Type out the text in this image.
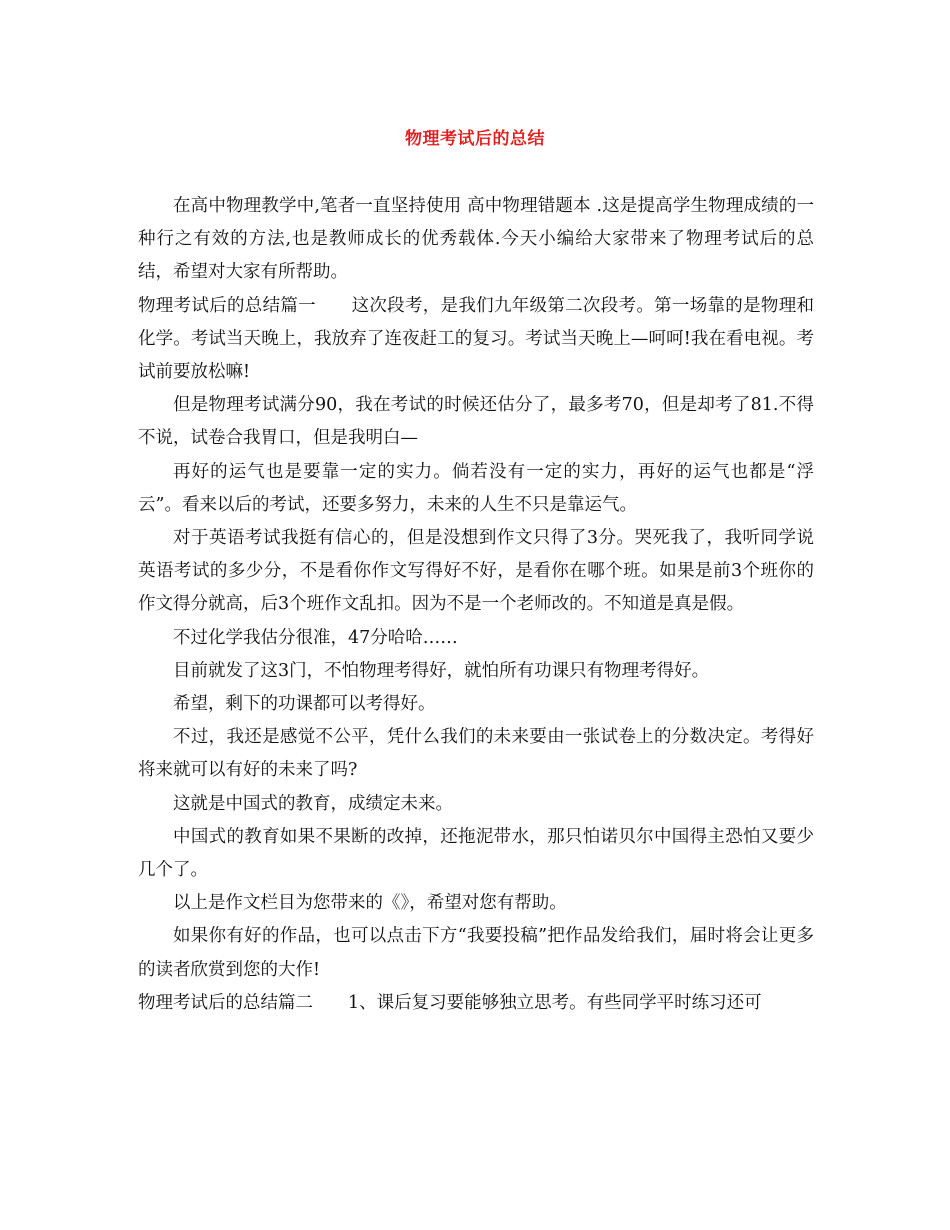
物理考试后的总结

在高中物理教学中,笔者一直坚持使用 高中物理错题本 .这是提高学生物理成绩的一种行之有效的方法,也是教师成长的优秀载体.今天小编给大家带来了物理考试后的总结，希望对大家有所帮助。

物理考试后的总结篇一　　这次段考，是我们九年级第二次段考。第一场靠的是物理和化学。考试当天晚上，我放弃了连夜赶工的复习。考试当天晚上—呵呵!我在看电视。考试前要放松嘛!

但是物理考试满分90，我在考试的时候还估分了，最多考70，但是却考了81.不得不说，试卷合我胃口，但是我明白—

再好的运气也是要靠一定的实力。倘若没有一定的实力，再好的运气也都是“浮云”。看来以后的考试，还要多努力，未来的人生不只是靠运气。

对于英语考试我挺有信心的，但是没想到作文只得了3分。哭死我了，我听同学说英语考试的多少分，不是看你作文写得好不好，是看你在哪个班。如果是前3个班你的作文得分就高，后3个班作文乱扣。因为不是一个老师改的。不知道是真是假。

不过化学我估分很准，47分哈哈……

目前就发了这3门，不怕物理考得好，就怕所有功课只有物理考得好。

希望，剩下的功课都可以考得好。

不过，我还是感觉不公平，凭什么我们的未来要由一张试卷上的分数决定。考得好将来就可以有好的未来了吗?

这就是中国式的教育，成绩定未来。

中国式的教育如果不果断的改掉，还拖泥带水，那只怕诺贝尔中国得主恐怕又要少几个了。

以上是作文栏目为您带来的《》，希望对您有帮助。

如果你有好的作品，也可以点击下方“我要投稿”把作品发给我们，届时将会让更多的读者欣赏到您的大作!

物理考试后的总结篇二　　1、课后复习要能够独立思考。有些同学平时练习还可
